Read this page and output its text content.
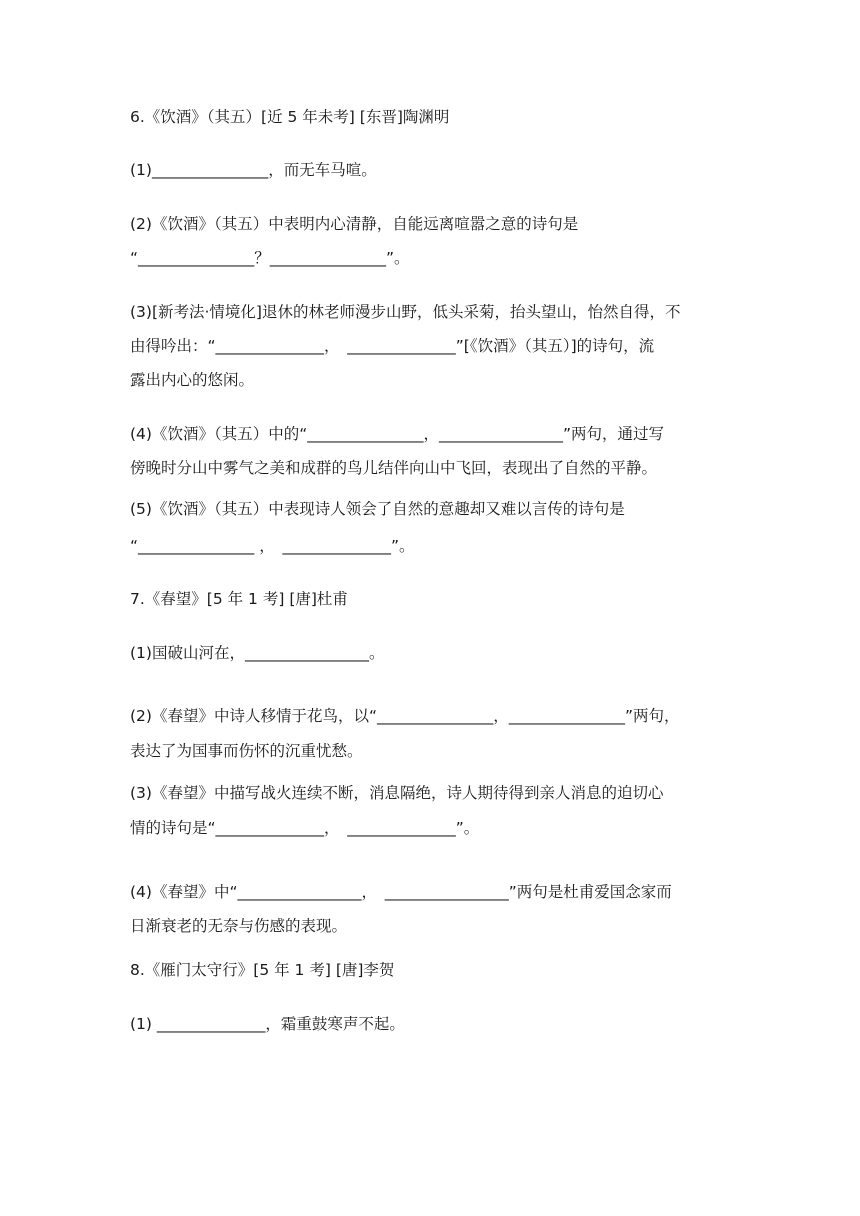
6.《饮酒》（其五）[近 5 年未考] [东晋]陶渊明
(1)_______________，而无车马喧。
(2)《饮酒》（其五）中表明内心清静，自能远离喧嚣之意的诗句是
“_______________？_______________”。
(3)[新考法·情境化]退休的林老师漫步山野，低头采菊，抬头望山，怡然自得，不
由得吟出：“______________，　______________”[《饮酒》（其五）]的诗句，流
露出内心的悠闲。
(4)《饮酒》（其五）中的“_______________，________________”两句，通过写
傍晚时分山中雾气之美和成群的鸟儿结伴向山中飞回，表现出了自然的平静。
(5)《饮酒》（其五）中表现诗人领会了自然的意趣却又难以言传的诗句是
“_______________ ，　______________”。
7.《春望》[5 年 1 考] [唐]杜甫
(1)国破山河在，________________。
(2)《春望》中诗人移情于花鸟，以“_______________，_______________”两句，
表达了为国事而伤怀的沉重忧愁。
(3)《春望》中描写战火连续不断，消息隔绝，诗人期待得到亲人消息的迫切心
情的诗句是“______________，　______________”。
(4)《春望》中“________________，　________________”两句是杜甫爱国念家而
日渐衰老的无奈与伤感的表现。
8.《雁门太守行》[5 年 1 考] [唐]李贺
(1) ______________，霜重鼓寒声不起。
